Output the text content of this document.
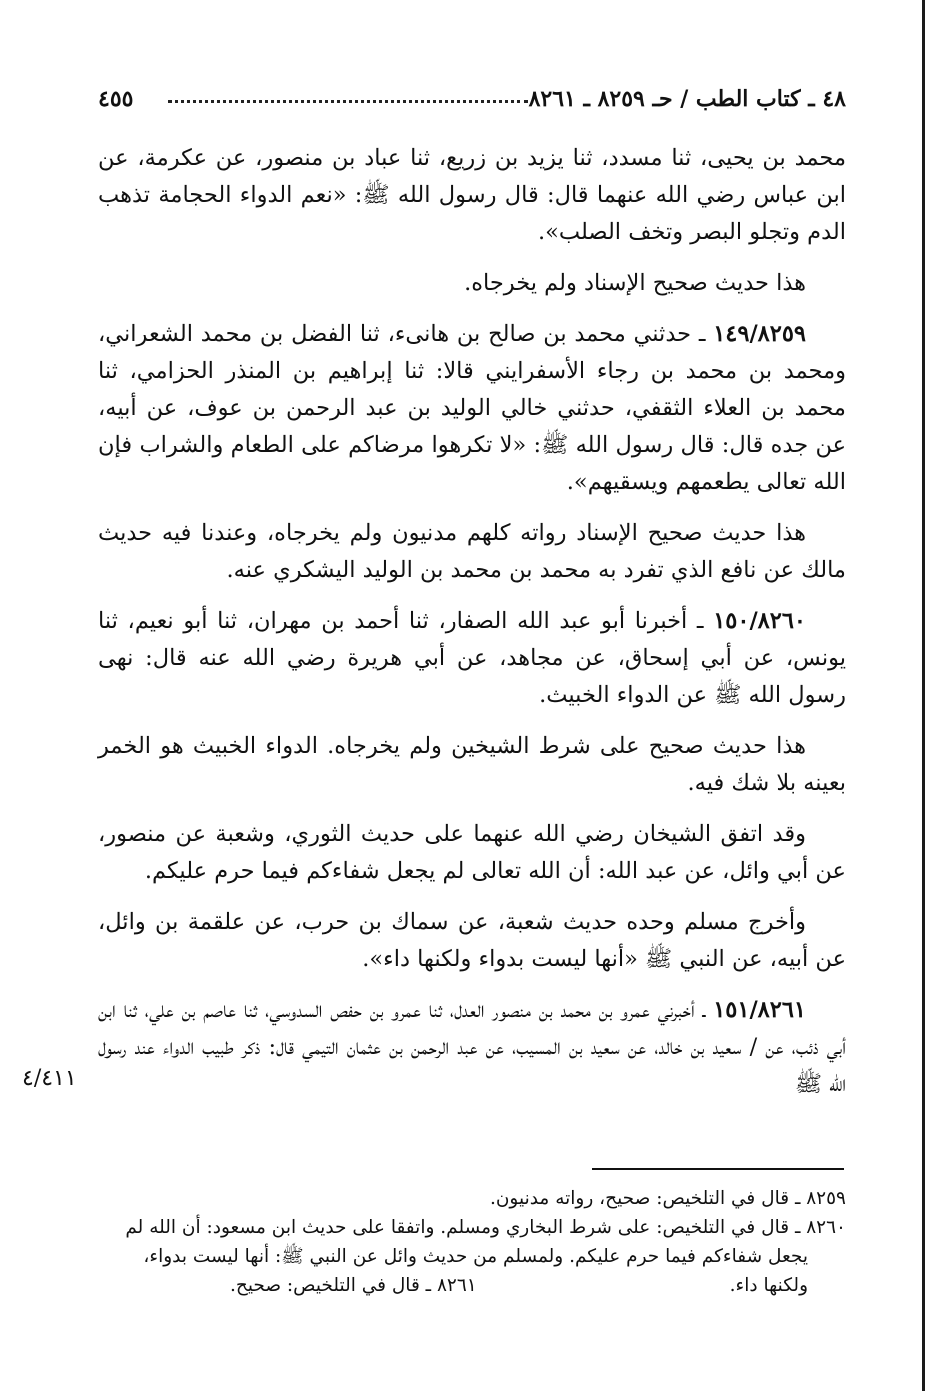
٤٨ ـ كتاب الطب / حـ ٨٢٥٩ ـ ٨٢٦١
٤٥٥

محمد بن يحيى، ثنا مسدد، ثنا يزيد بن زريع، ثنا عباد بن منصور، عن عكرمة، عن ابن عباس رضي الله عنهما قال: قال رسول الله ﷺ: «نعم الدواء الحجامة تذهب الدم وتجلو البصر وتخف الصلب».

هذا حديث صحيح الإسناد ولم يخرجاه.

١٤٩/٨٢٥٩ ـ حدثني محمد بن صالح بن هانىء، ثنا الفضل بن محمد الشعراني، ومحمد بن محمد بن رجاء الأسفرايني قالا: ثنا إبراهيم بن المنذر الحزامي، ثنا محمد بن العلاء الثقفي، حدثني خالي الوليد بن عبد الرحمن بن عوف، عن أبيه، عن جده قال: قال رسول الله ﷺ: «لا تكرهوا مرضاكم على الطعام والشراب فإن الله تعالى يطعمهم ويسقيهم».

هذا حديث صحيح الإسناد رواته كلهم مدنيون ولم يخرجاه، وعندنا فيه حديث مالك عن نافع الذي تفرد به محمد بن محمد بن الوليد اليشكري عنه.

١٥٠/٨٢٦٠ ـ أخبرنا أبو عبد الله الصفار، ثنا أحمد بن مهران، ثنا أبو نعيم، ثنا يونس، عن أبي إسحاق، عن مجاهد، عن أبي هريرة رضي الله عنه قال: نهى رسول الله ﷺ عن الدواء الخبيث.

هذا حديث صحيح على شرط الشيخين ولم يخرجاه. الدواء الخبيث هو الخمر بعينه بلا شك فيه.

وقد اتفق الشيخان رضي الله عنهما على حديث الثوري، وشعبة عن منصور، عن أبي وائل، عن عبد الله: أن الله تعالى لم يجعل شفاءكم فيما حرم عليكم.

وأخرج مسلم وحده حديث شعبة، عن سماك بن حرب، عن علقمة بن وائل، عن أبيه، عن النبي ﷺ «أنها ليست بدواء ولكنها داء».

١٥١/٨٢٦١ ـ أخبرني عمرو بن محمد بن منصور العدل، ثنا عمرو بن حفص السدوسي، ثنا عاصم بن علي، ثنا ابن أبي ذئب، عن / سعيد بن خالد، عن سعيد بن المسيب، عن عبد الرحمن بن عثمان التيمي قال: ذكر طبيب الدواء عند رسول الله ﷺ

٤/٤١١

٨٢٥٩ ـ قال في التلخيص: صحيح، رواته مدنيون.

٨٢٦٠ ـ قال في التلخيص: على شرط البخاري ومسلم. واتفقا على حديث ابن مسعود: أن الله لم

يجعل شفاءكم فيما حرم عليكم. ولمسلم من حديث وائل عن النبي ﷺ: أنها ليست بدواء،

ولكنها داء.
٨٢٦١ ـ قال في التلخيص: صحيح.
